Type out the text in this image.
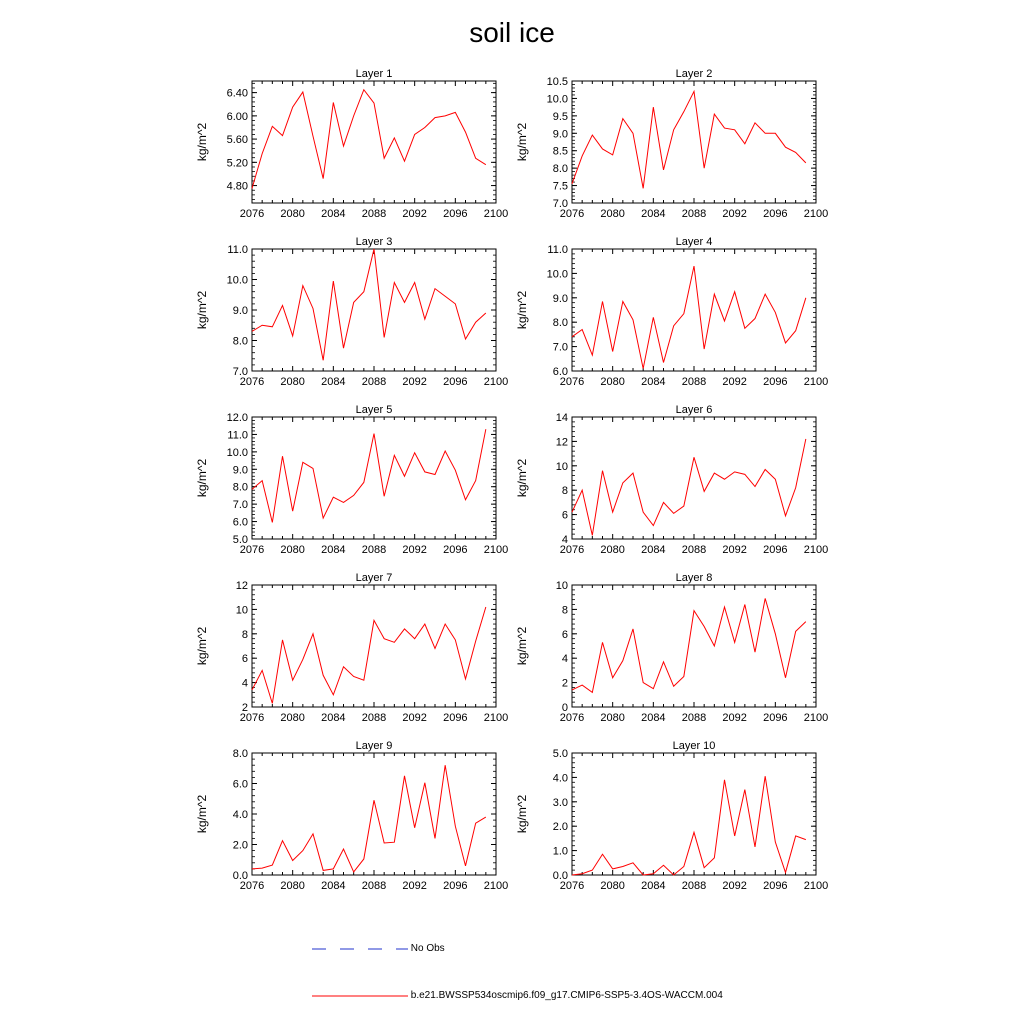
soil ice
Layer 1
2076 2080 2084 2088 2092 2096 2100
4.80
5.20
5.60
6.00
6.40
kg/m^2
Layer 2
2076 2080 2084 2088 2092 2096 2100
7.0
7.5
8.0
8.5
9.0
9.5
10.0
10.5
kg/m^2
Layer 3
2076 2080 2084 2088 2092 2096 2100
7.0
8.0
9.0
10.0
11.0
kg/m^2
Layer 4
2076 2080 2084 2088 2092 2096 2100
6.0
7.0
8.0
9.0
10.0
11.0
kg/m^2
Layer 5
2076 2080 2084 2088 2092 2096 2100
5.0
6.0
7.0
8.0
9.0
10.0
11.0
12.0
kg/m^2
Layer 6
2076 2080 2084 2088 2092 2096 2100
4
6
8
10
12
14
kg/m^2
Layer 7
2076 2080 2084 2088 2092 2096 2100
2
4
6
8
10
12
kg/m^2
Layer 8
2076 2080 2084 2088 2092 2096 2100
0
2
4
6
8
10
kg/m^2
Layer 9
2076 2080 2084 2088 2092 2096 2100
0.0
2.0
4.0
6.0
8.0
kg/m^2
Layer 10
2076 2080 2084 2088 2092 2096 2100
0.0
1.0
2.0
3.0
4.0
5.0
kg/m^2
No Obs
b.e21.BWSSP534oscmip6.f09_g17.CMIP6-SSP5-3.4OS-WACCM.004
